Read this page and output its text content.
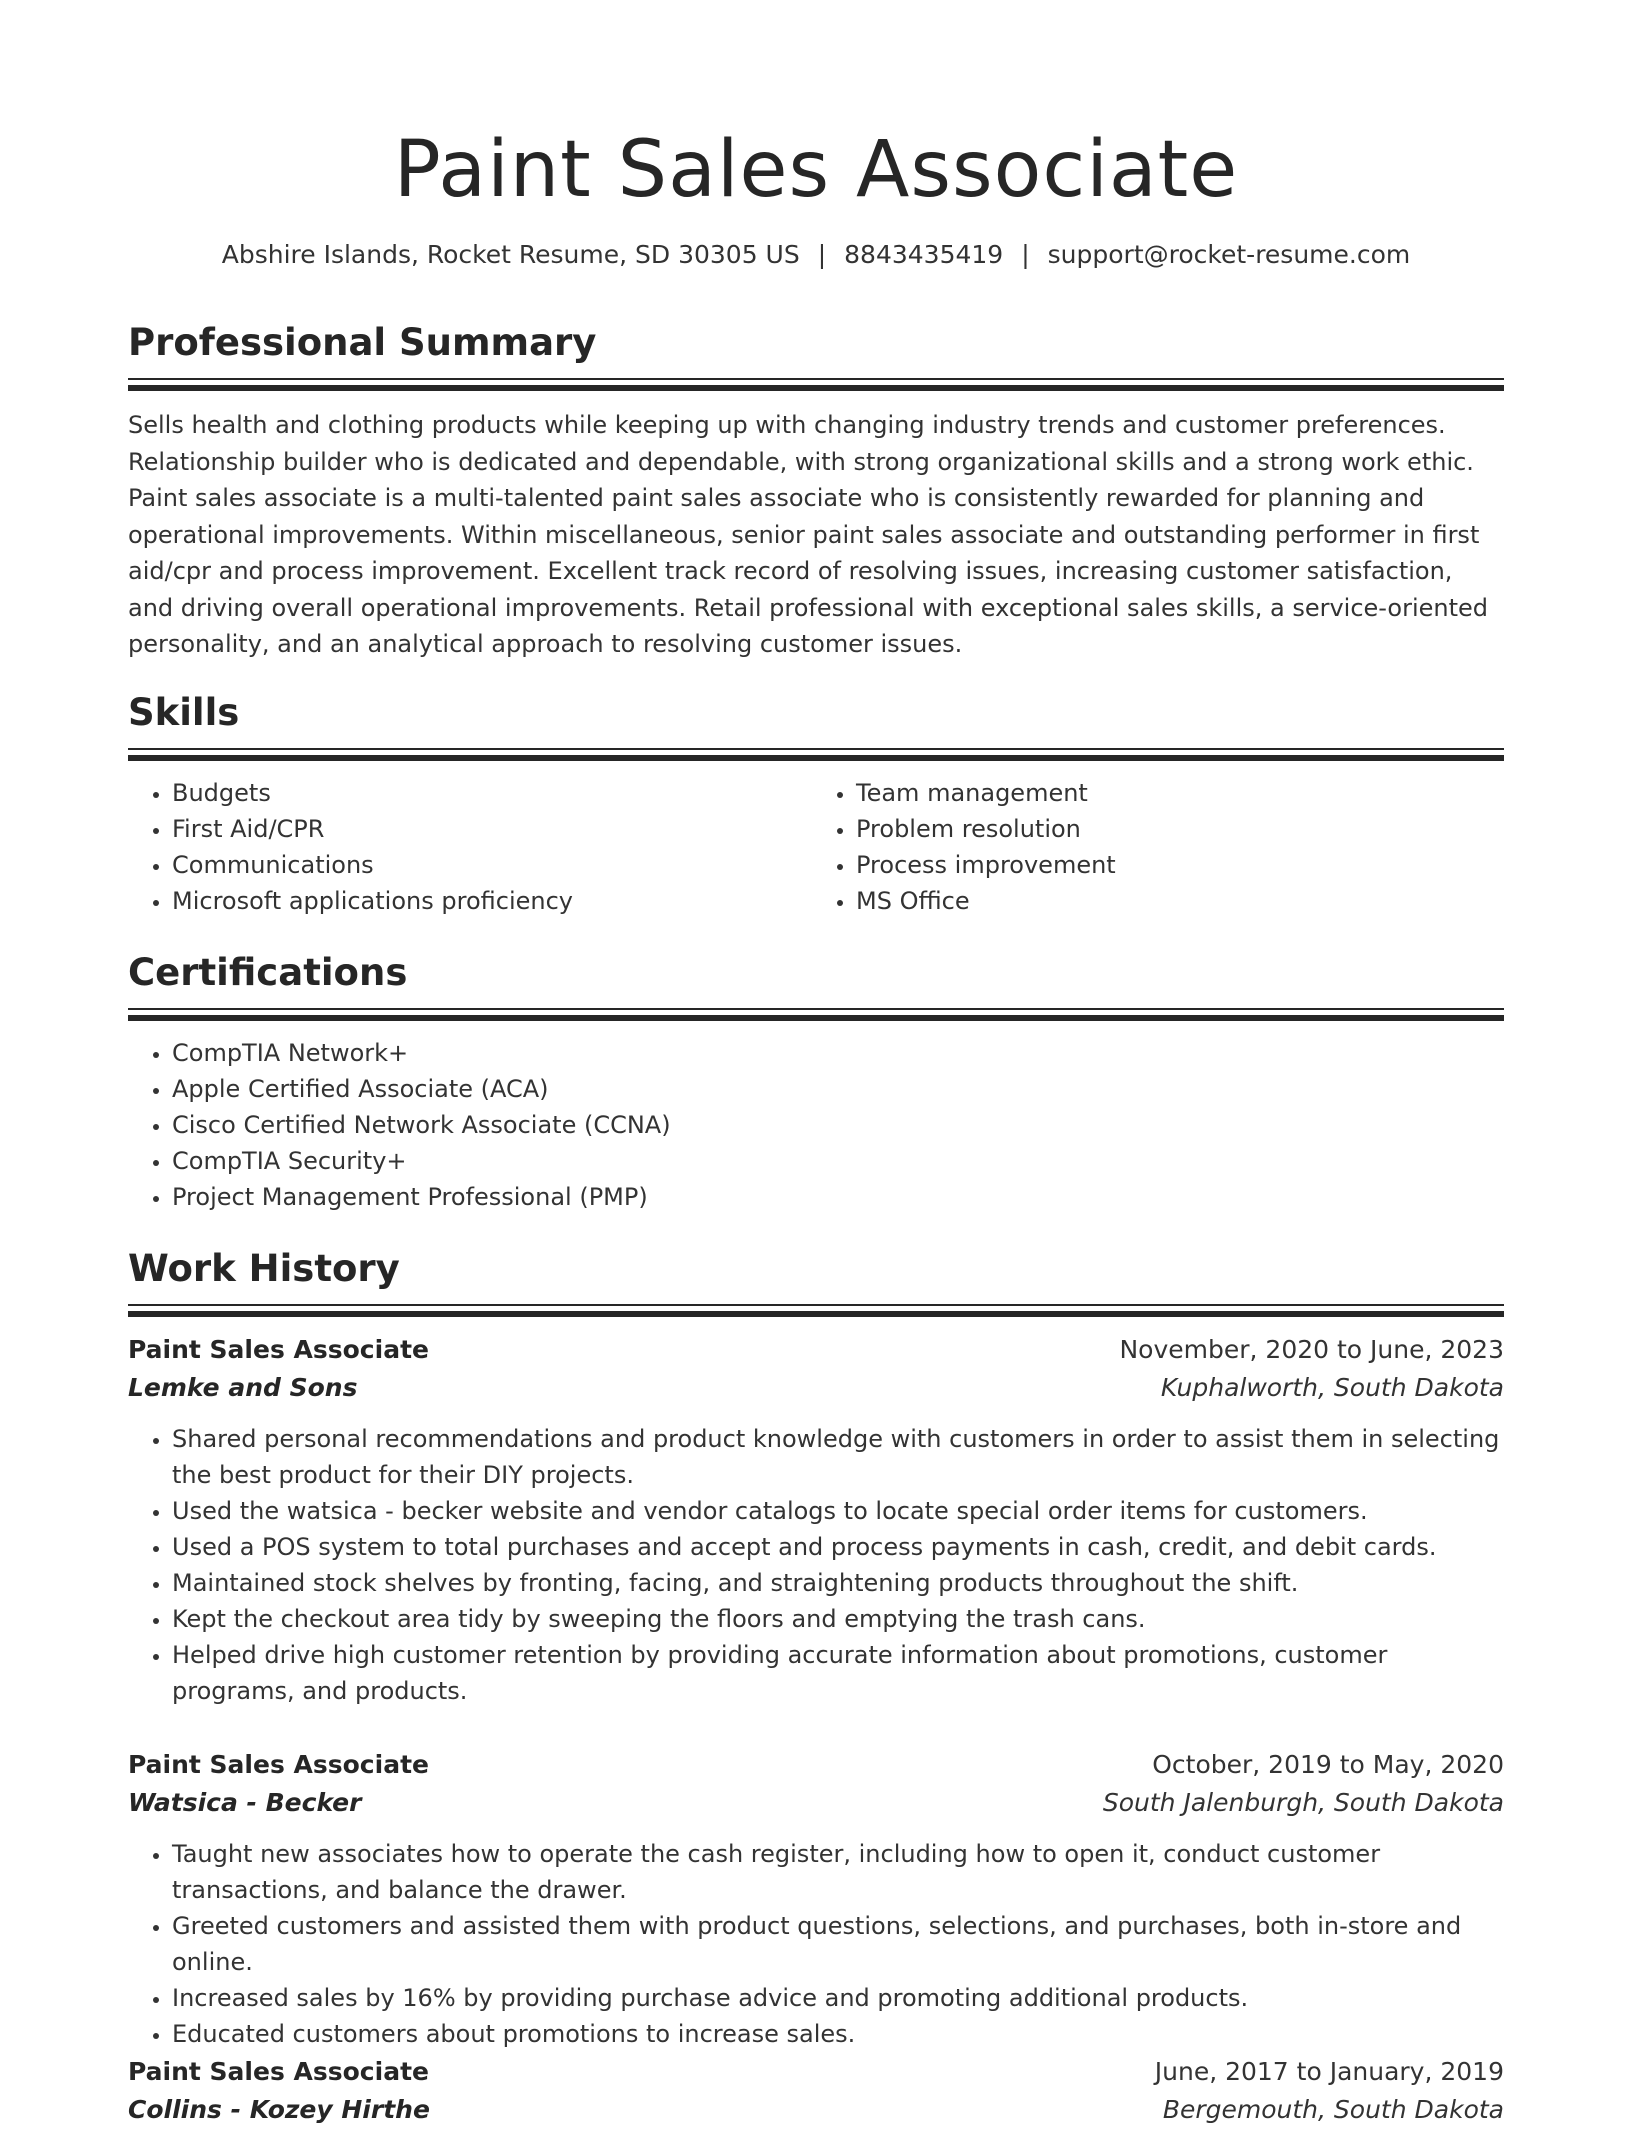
Paint Sales Associate
Abshire Islands, Rocket Resume, SD 30305 US | 8843435419 | support@rocket-resume.com
Professional Summary

Sells health and clothing products while keeping up with changing industry trends and customer preferences. Relationship builder who is dedicated and dependable, with strong organizational skills and a strong work ethic. Paint sales associate is a multi-talented paint sales associate who is consistently rewarded for planning and operational improvements. Within miscellaneous, senior paint sales associate and outstanding performer in first aid/cpr and process improvement. Excellent track record of resolving issues, increasing customer satisfaction, and driving overall operational improvements. Retail professional with exceptional sales skills, a service-oriented personality, and an analytical approach to resolving customer issues.

Skills
• Budgets
• First Aid/CPR
• Communications
• Microsoft applications proficiency
• Team management
• Problem resolution
• Process improvement
• MS Office
Certifications
• CompTIA Network+
• Apple Certified Associate (ACA)
• Cisco Certified Network Associate (CCNA)
• CompTIA Security+
• Project Management Professional (PMP)
Work History
Paint Sales Associate	November, 2020 to June, 2023
Lemke and Sons	Kuphalworth, South Dakota
• Shared personal recommendations and product knowledge with customers in order to assist them in selecting the best product for their DIY projects.
• Used the watsica - becker website and vendor catalogs to locate special order items for customers.
• Used a POS system to total purchases and accept and process payments in cash, credit, and debit cards.
• Maintained stock shelves by fronting, facing, and straightening products throughout the shift.
• Kept the checkout area tidy by sweeping the floors and emptying the trash cans.
• Helped drive high customer retention by providing accurate information about promotions, customer programs, and products.
Paint Sales Associate	October, 2019 to May, 2020
Watsica - Becker	South Jalenburgh, South Dakota
• Taught new associates how to operate the cash register, including how to open it, conduct customer transactions, and balance the drawer.
• Greeted customers and assisted them with product questions, selections, and purchases, both in-store and online.
• Increased sales by 16% by providing purchase advice and promoting additional products.
• Educated customers about promotions to increase sales.
Paint Sales Associate	June, 2017 to January, 2019
Collins - Kozey Hirthe	Bergemouth, South Dakota
